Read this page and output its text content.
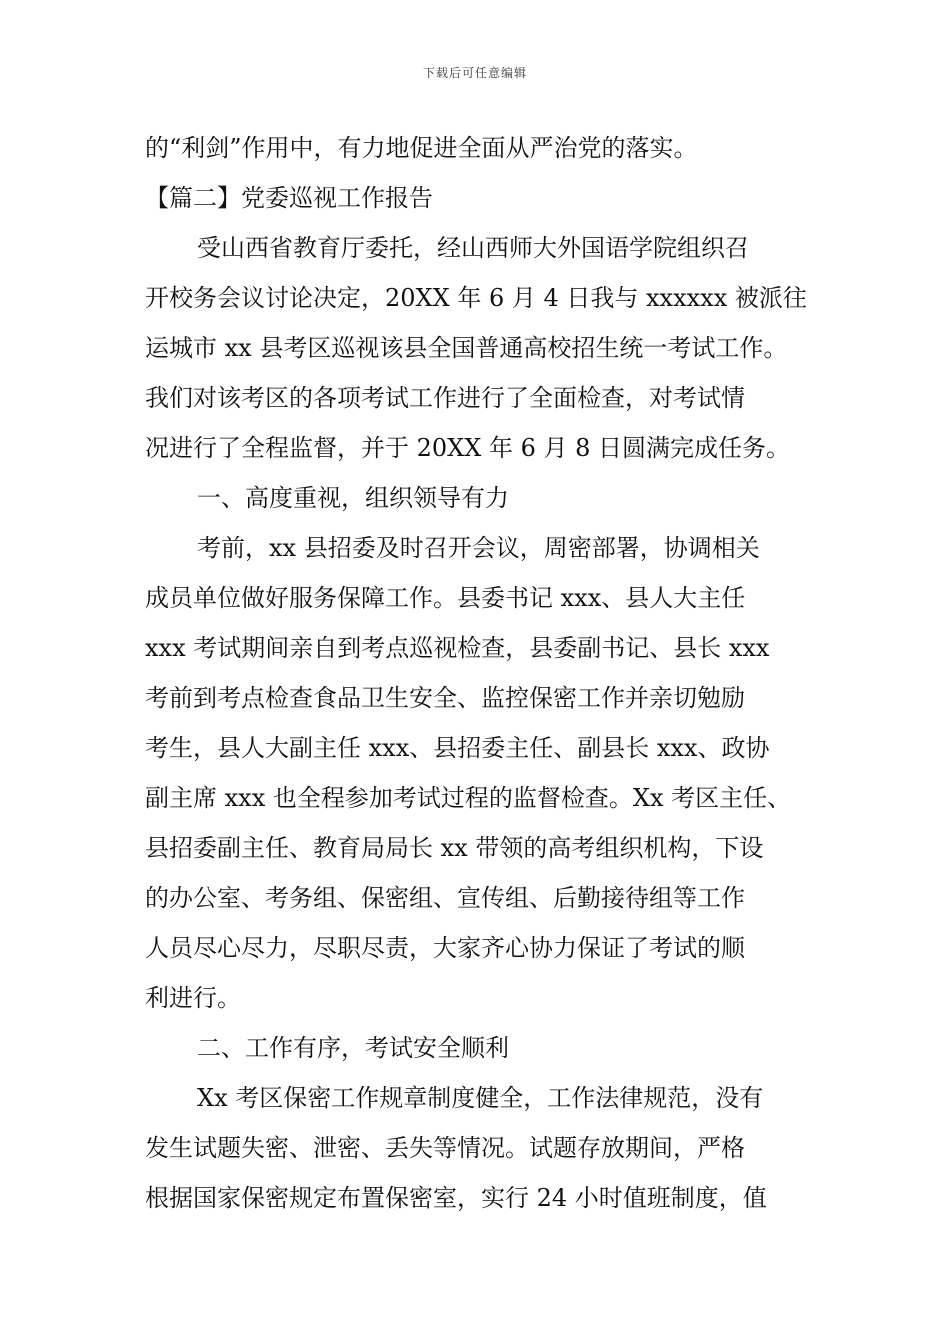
下载后可任意编辑
的“利剑”作用中，有力地促进全面从严治党的落实。
【篇二】党委巡视工作报告
受山西省教育厅委托，经山西师大外国语学院组织召
开校务会议讨论决定，20XX 年 6 月 4 日我与 xxxxxx 被派往
运城市 xx 县考区巡视该县全国普通高校招生统一考试工作。
我们对该考区的各项考试工作进行了全面检查，对考试情
况进行了全程监督，并于 20XX 年 6 月 8 日圆满完成任务。
一、高度重视，组织领导有力
考前，xx 县招委及时召开会议，周密部署，协调相关
成员单位做好服务保障工作。县委书记 xxx、县人大主任
xxx 考试期间亲自到考点巡视检查，县委副书记、县长 xxx
考前到考点检查食品卫生安全、监控保密工作并亲切勉励
考生，县人大副主任 xxx、县招委主任、副县长 xxx、政协
副主席 xxx 也全程参加考试过程的监督检查。Xx 考区主任、
县招委副主任、教育局局长 xx 带领的高考组织机构，下设
的办公室、考务组、保密组、宣传组、后勤接待组等工作
人员尽心尽力，尽职尽责，大家齐心协力保证了考试的顺
利进行。
二、工作有序，考试安全顺利
Xx 考区保密工作规章制度健全，工作法律规范，没有
发生试题失密、泄密、丢失等情况。试题存放期间，严格
根据国家保密规定布置保密室，实行 24 小时值班制度，值
